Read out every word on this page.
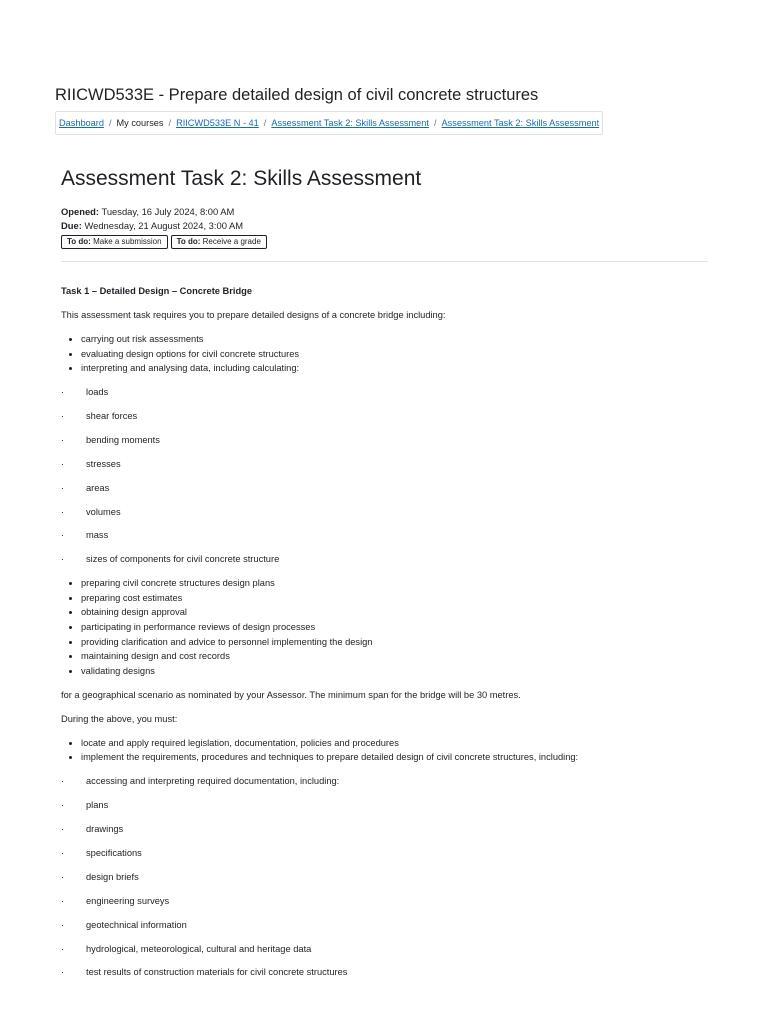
RIICWD533E - Prepare detailed design of civil concrete structures
Dashboard / My courses / RIICWD533E N - 41 / Assessment Task 2: Skills Assessment / Assessment Task 2: Skills Assessment
Assessment Task 2: Skills Assessment
Opened: Tuesday, 16 July 2024, 8:00 AM
Due: Wednesday, 21 August 2024, 3:00 AM
To do: Make a submission	To do: Receive a grade

Task 1 – Detailed Design – Concrete Bridge

This assessment task requires you to prepare detailed designs of a concrete bridge including:

• carrying out risk assessments
• evaluating design options for civil concrete structures
• interpreting and analysing data, including calculating:
·	loads
·	shear forces
·	bending moments
·	stresses
·	areas
·	volumes
·	mass
·	sizes of components for civil concrete structure
• preparing civil concrete structures design plans
• preparing cost estimates
• obtaining design approval
• participating in performance reviews of design processes
• providing clarification and advice to personnel implementing the design
• maintaining design and cost records
• validating designs

for a geographical scenario as nominated by your Assessor. The minimum span for the bridge will be 30 metres.

During the above, you must:

• locate and apply required legislation, documentation, policies and procedures
• implement the requirements, procedures and techniques to prepare detailed design of civil concrete structures, including:
·	accessing and interpreting required documentation, including:
·	plans
·	drawings
·	specifications
·	design briefs
·	engineering surveys
·	geotechnical information
·	hydrological, meteorological, cultural and heritage data
·	test results of construction materials for civil concrete structures
